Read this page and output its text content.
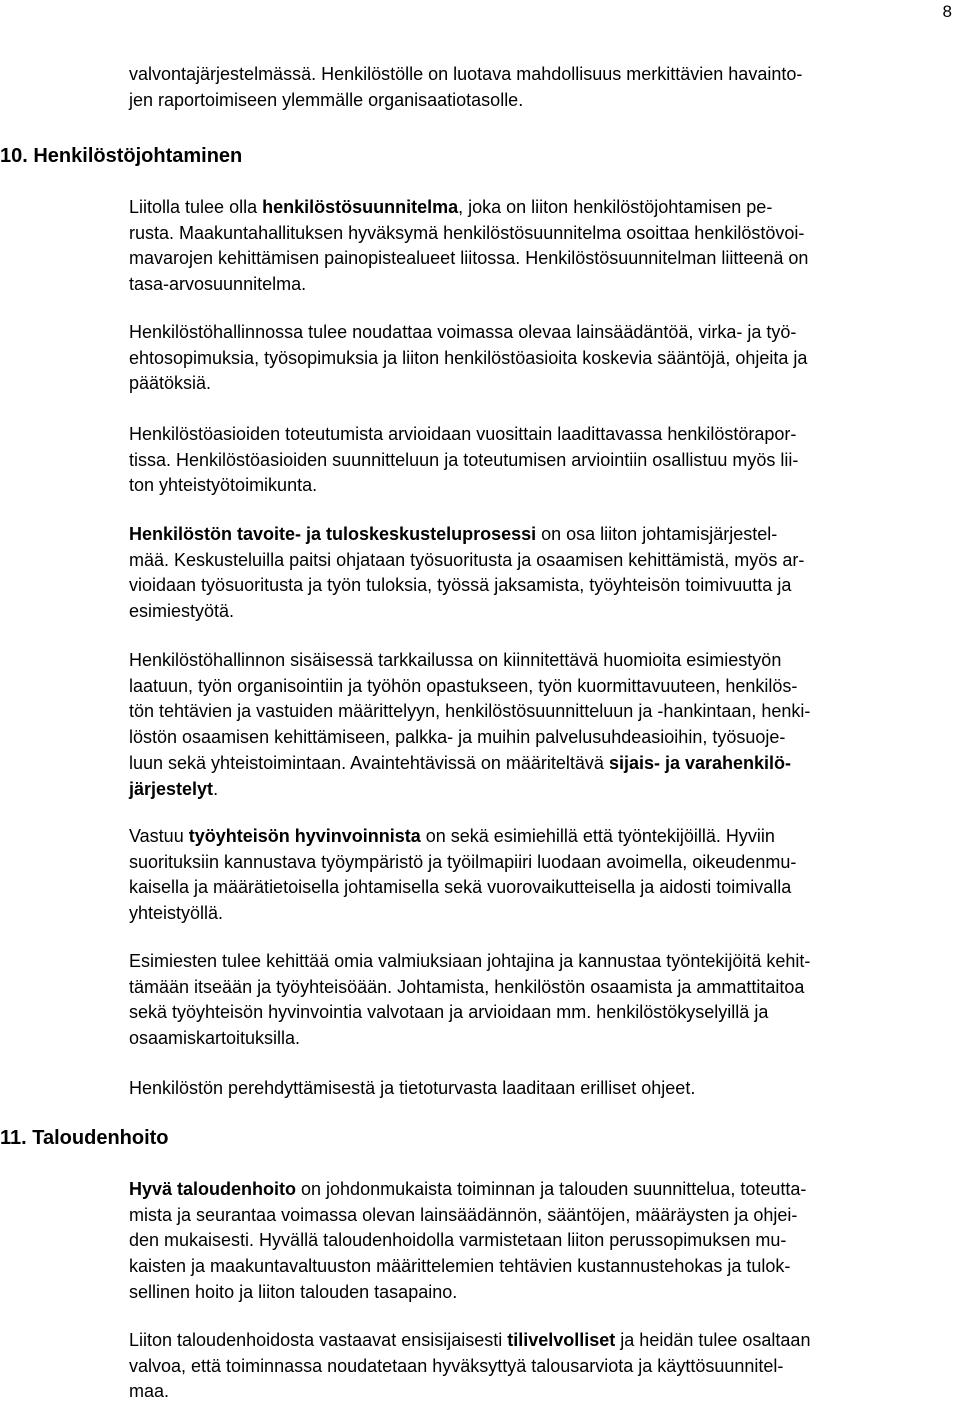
8

valvontajärjestelmässä. Henkilöstölle on luotava mahdollisuus merkittävien havainto-
jen raportoimiseen ylemmälle organisaatiotasolle.

10. Henkilöstöjohtaminen

Liitolla tulee olla henkilöstösuunnitelma, joka on liiton henkilöstöjohtamisen pe-
rusta. Maakuntahallituksen hyväksymä henkilöstösuunnitelma osoittaa henkilöstövoi-
mavarojen kehittämisen painopistealueet liitossa. Henkilöstösuunnitelman liitteenä on
tasa-arvosuunnitelma.

Henkilöstöhallinnossa tulee noudattaa voimassa olevaa lainsäädäntöä, virka- ja työ-
ehtosopimuksia, työsopimuksia ja liiton henkilöstöasioita koskevia sääntöjä, ohjeita ja
päätöksiä.

Henkilöstöasioiden toteutumista arvioidaan vuosittain laadittavassa henkilöstörapor-
tissa. Henkilöstöasioiden suunnitteluun ja toteutumisen arviointiin osallistuu myös lii-
ton yhteistyötoimikunta.

Henkilöstön tavoite- ja tuloskeskusteluprosessi on osa liiton johtamisjärjestel-
mää. Keskusteluilla paitsi ohjataan työsuoritusta ja osaamisen kehittämistä, myös ar-
vioidaan työsuoritusta ja työn tuloksia, työssä jaksamista, työyhteisön toimivuutta ja
esimiestyötä.

Henkilöstöhallinnon sisäisessä tarkkailussa on kiinnitettävä huomioita esimiestyön
laatuun, työn organisointiin ja työhön opastukseen, työn kuormittavuuteen, henkilös-
tön tehtävien ja vastuiden määrittelyyn, henkilöstösuunnitteluun ja -hankintaan, henki-
löstön osaamisen kehittämiseen, palkka- ja muihin palvelusuhdeasioihin, työsuoje-
luun sekä yhteistoimintaan. Avaintehtävissä on määriteltävä sijais- ja varahenkilö-
järjestelyt.

Vastuu työyhteisön hyvinvoinnista on sekä esimiehillä että työntekijöillä. Hyviin
suorituksiin kannustava työympäristö ja työilmapiiri luodaan avoimella, oikeudenmu-
kaisella ja määrätietoisella johtamisella sekä vuorovaikutteisella ja aidosti toimivalla
yhteistyöllä.

Esimiesten tulee kehittää omia valmiuksiaan johtajina ja kannustaa työntekijöitä kehit-
tämään itseään ja työyhteisöään. Johtamista, henkilöstön osaamista ja ammattitaitoa
sekä työyhteisön hyvinvointia valvotaan ja arvioidaan mm. henkilöstökyselyillä ja
osaamiskartoituksilla.

Henkilöstön perehdyttämisestä ja tietoturvasta laaditaan erilliset ohjeet.

11. Taloudenhoito

Hyvä taloudenhoito on johdonmukaista toiminnan ja talouden suunnittelua, toteutta-
mista ja seurantaa voimassa olevan lainsäädännön, sääntöjen, määräysten ja ohjei-
den mukaisesti. Hyvällä taloudenhoidolla varmistetaan liiton perussopimuksen mu-
kaisten ja maakuntavaltuuston määrittelemien tehtävien kustannustehokas ja tulok-
sellinen hoito ja liiton talouden tasapaino.

Liiton taloudenhoidosta vastaavat ensisijaisesti tilivelvolliset ja heidän tulee osaltaan
valvoa, että toiminnassa noudatetaan hyväksyttyä talousarviota ja käyttösuunnitel-
maa.
